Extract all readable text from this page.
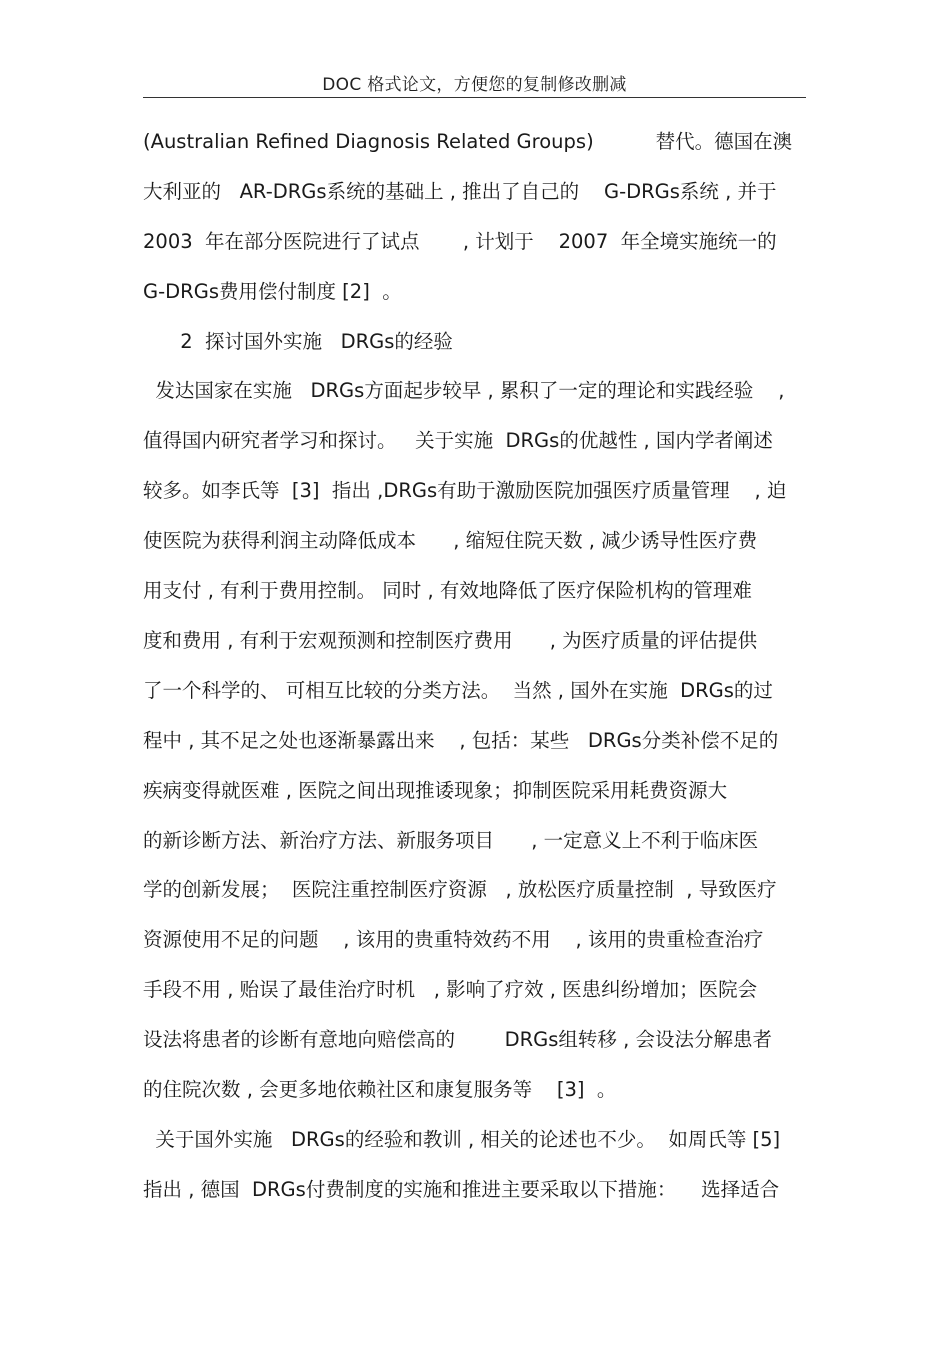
DOC 格式论文，方便您的复制修改删减
(Australian Refined Diagnosis Related Groups)          替代。德国在澳
大利亚的   AR-DRGs系统的基础上 , 推出了自己的    G-DRGs系统 , 并于
2003  年在部分医院进行了试点       , 计划于    2007  年全境实施统一的
G-DRGs费用偿付制度 [2]  。
2  探讨国外实施   DRGs的经验
发达国家在实施   DRGs方面起步较早 , 累积了一定的理论和实践经验    ,
值得国内研究者学习和探讨。   关于实施  DRGs的优越性 , 国内学者阐述
较多。如李氏等  [3]  指出 ,DRGs有助于激励医院加强医疗质量管理    , 迫
使医院为获得利润主动降低成本      , 缩短住院天数 , 减少诱导性医疗费
用支付 , 有利于费用控制。 同时 , 有效地降低了医疗保险机构的管理难
度和费用 , 有利于宏观预测和控制医疗费用      , 为医疗质量的评估提供
了一个科学的、 可相互比较的分类方法。  当然 , 国外在实施  DRGs的过
程中 , 其不足之处也逐渐暴露出来    , 包括：某些   DRGs分类补偿不足的
疾病变得就医难 , 医院之间出现推诿现象；抑制医院采用耗费资源大
的新诊断方法、新治疗方法、新服务项目      , 一定意义上不利于临床医
学的创新发展；  医院注重控制医疗资源   , 放松医疗质量控制  , 导致医疗
资源使用不足的问题    , 该用的贵重特效药不用    , 该用的贵重检查治疗
手段不用 , 贻误了最佳治疗时机   , 影响了疗效 , 医患纠纷增加；医院会
设法将患者的诊断有意地向赔偿高的        DRGs组转移 , 会设法分解患者
的住院次数 , 会更多地依赖社区和康复服务等    [3]  。
关于国外实施   DRGs的经验和教训 , 相关的论述也不少。  如周氏等 [5]
指出 , 德国  DRGs付费制度的实施和推进主要采取以下措施：    选择适合
